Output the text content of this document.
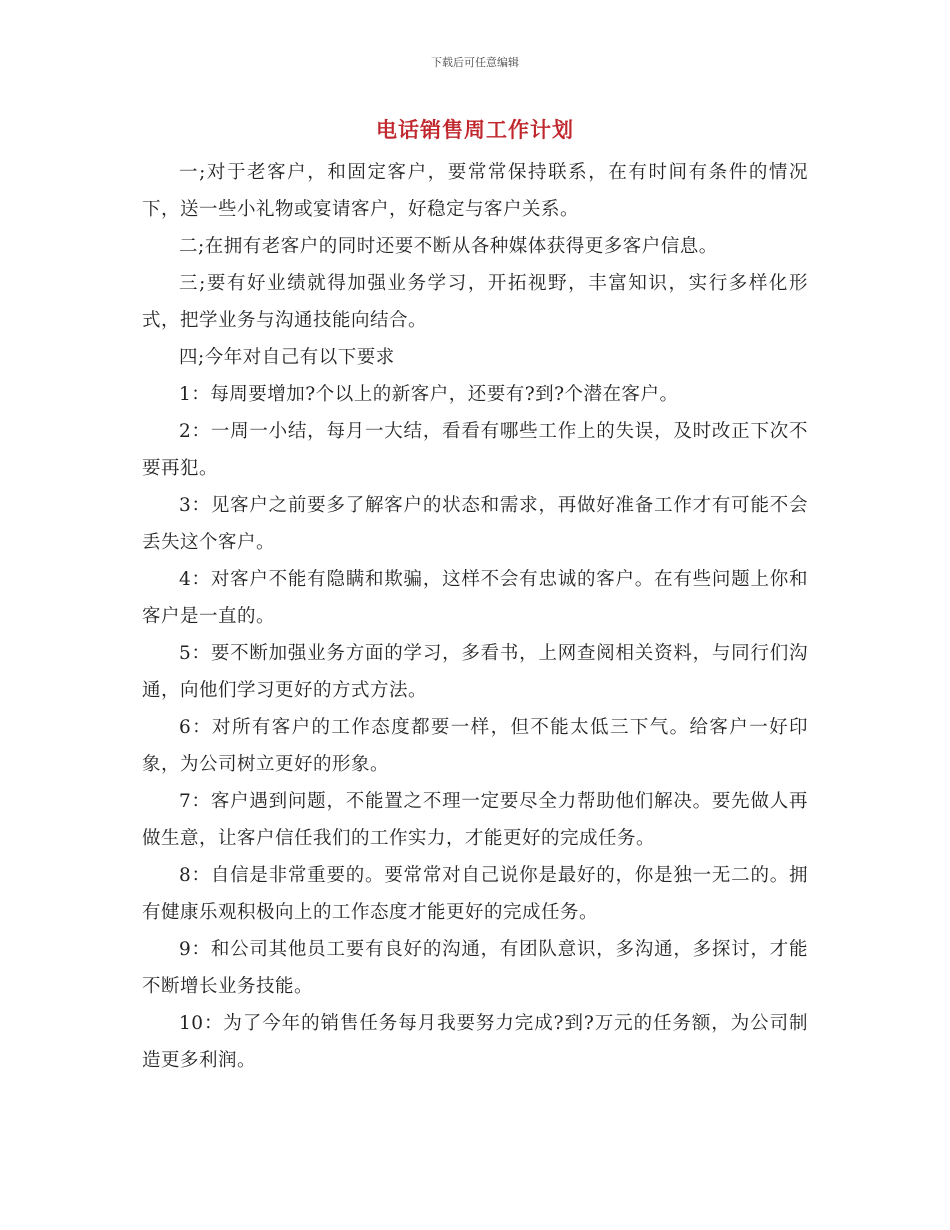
下载后可任意编辑
电话销售周工作计划

一;对于老客户，和固定客户，要常常保持联系，在有时间有条件的情况下，送一些小礼物或宴请客户，好稳定与客户关系。

二;在拥有老客户的同时还要不断从各种媒体获得更多客户信息。

三;要有好业绩就得加强业务学习，开拓视野，丰富知识，实行多样化形式，把学业务与沟通技能向结合。

四;今年对自己有以下要求

1：每周要增加?个以上的新客户，还要有?到?个潜在客户。

2：一周一小结，每月一大结，看看有哪些工作上的失误，及时改正下次不要再犯。

3：见客户之前要多了解客户的状态和需求，再做好准备工作才有可能不会丢失这个客户。

4：对客户不能有隐瞒和欺骗，这样不会有忠诚的客户。在有些问题上你和客户是一直的。

5：要不断加强业务方面的学习，多看书，上网查阅相关资料，与同行们沟通，向他们学习更好的方式方法。

6：对所有客户的工作态度都要一样，但不能太低三下气。给客户一好印象，为公司树立更好的形象。

7：客户遇到问题，不能置之不理一定要尽全力帮助他们解决。要先做人再做生意，让客户信任我们的工作实力，才能更好的完成任务。

8：自信是非常重要的。要常常对自己说你是最好的，你是独一无二的。拥有健康乐观积极向上的工作态度才能更好的完成任务。

9：和公司其他员工要有良好的沟通，有团队意识，多沟通，多探讨，才能不断增长业务技能。

10：为了今年的销售任务每月我要努力完成?到?万元的任务额，为公司制造更多利润。
